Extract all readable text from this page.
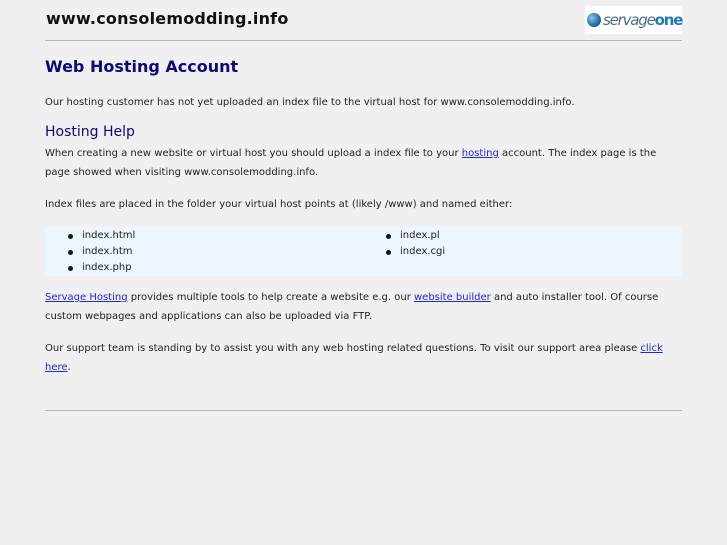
www.consolemodding.info	servageone
Web Hosting Account

Our hosting customer has not yet uploaded an index file to the virtual host for www.consolemodding.info.

Hosting Help

When creating a new website or virtual host you should upload a index file to your hosting account. The index page is the page showed when visiting www.consolemodding.info.

Index files are placed in the folder your virtual host points at (likely /www) and named either:

index.html
index.htm
index.php
index.pl
index.cgi

Servage Hosting provides multiple tools to help create a website e.g. our website builder and auto installer tool. Of course custom webpages and applications can also be uploaded via FTP.

Our support team is standing by to assist you with any web hosting related questions. To visit our support area please click here.
